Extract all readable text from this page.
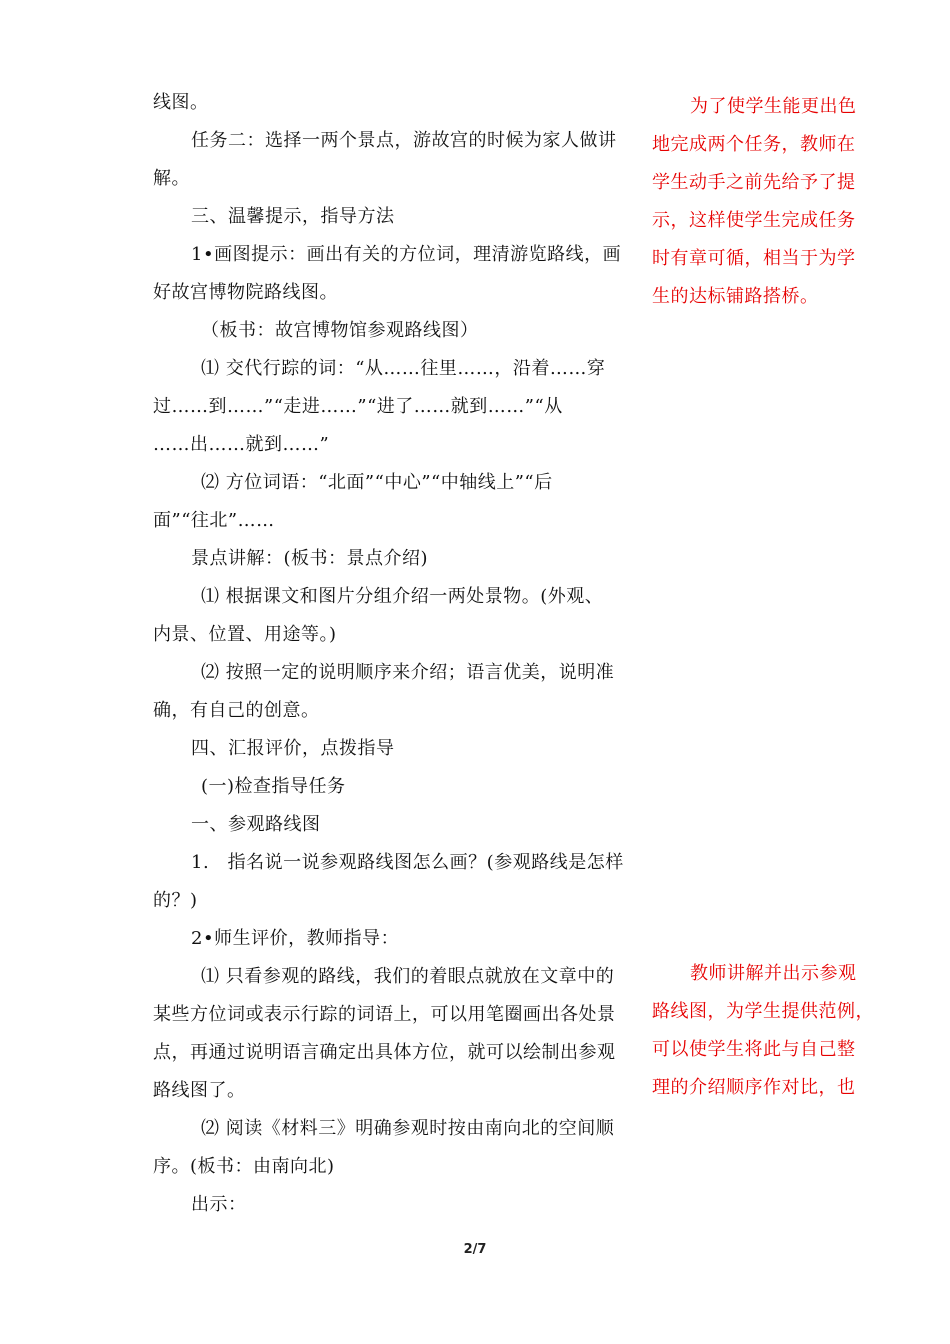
线图。
任务二：选择一两个景点，游故宫的时候为家人做讲
解。
三、温馨提示，指导方法
1•画图提示：画出有关的方位词，理清游览路线，画
好故宫博物院路线图。
（板书：故宫博物馆参观路线图）
⑴ 交代行踪的词：“从……往里……，沿着……穿
过……到……”“走进……”“进了……就到……”“从
……出……就到……”
⑵ 方位词语：“北面”“中心”“中轴线上”“后
面”“往北”……
景点讲解：(板书：景点介绍)
⑴ 根据课文和图片分组介绍一两处景物。(外观、
内景、位置、用途等。)
⑵ 按照一定的说明顺序来介绍；语言优美，说明准
确，有自己的创意。
四、汇报评价，点拨指导
(一)检查指导任务
一、参观路线图
1.　指名说一说参观路线图怎么画？(参观路线是怎样
的？)
2•师生评价，教师指导：
⑴ 只看参观的路线，我们的着眼点就放在文章中的
某些方位词或表示行踪的词语上，可以用笔圈画出各处景
点，再通过说明语言确定出具体方位，就可以绘制出参观
路线图了。
⑵ 阅读《材料三》明确参观时按由南向北的空间顺
序。(板书：由南向北)
出示：
为了使学生能更出色
地完成两个任务，教师在
学生动手之前先给予了提
示，这样使学生完成任务
时有章可循，相当于为学
生的达标铺路搭桥。
教师讲解并出示参观
路线图，为学生提供范例，
可以使学生将此与自己整
理的介绍顺序作对比，也
2/7
